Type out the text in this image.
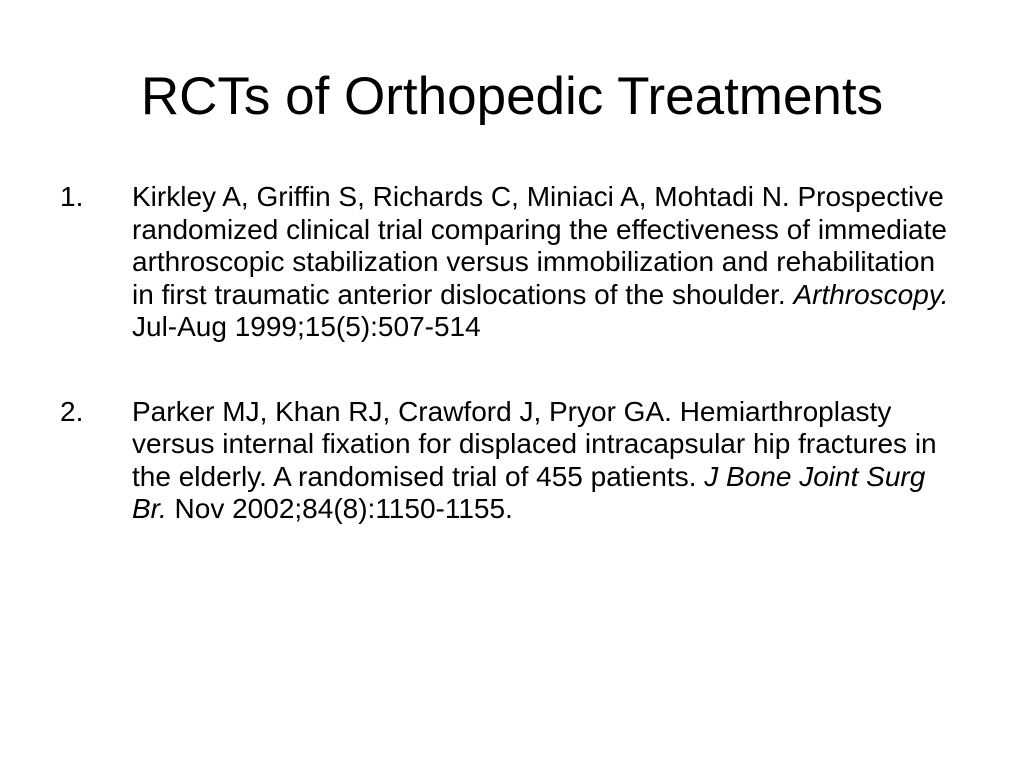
RCTs of Orthopedic Treatments
1. Kirkley A, Griffin S, Richards C, Miniaci A, Mohtadi N. Prospective randomized clinical trial comparing the effectiveness of immediate arthroscopic stabilization versus immobilization and rehabilitation in first traumatic anterior dislocations of the shoulder. Arthroscopy. Jul-Aug 1999;15(5):507-514
2. Parker MJ, Khan RJ, Crawford J, Pryor GA. Hemiarthroplasty versus internal fixation for displaced intracapsular hip fractures in the elderly. A randomised trial of 455 patients. J Bone Joint Surg Br. Nov 2002;84(8):1150-1155.
